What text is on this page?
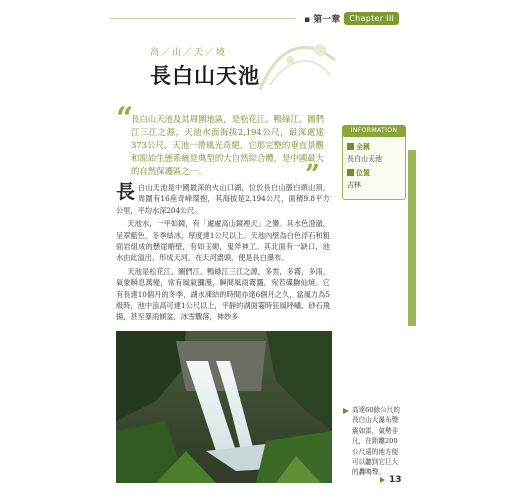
▪ 第一章	Chapter III
高／山／天／境
長白山天池
“
長白山天池及其周圍地區，是松花江、鴨綠江、圖們江三江之源，天池水面海拔2,194公尺，最深處達373公尺，天池一帶風光奇絕，它那完整的垂直景觀和原始生態系統是典型的大自然綜合體，是中國最大的自然保護區之一。	”

長白山天池是中國最深的火山口湖，位於長白山脈白頭山頂，周圍有16座奇峰環抱，其海拔是2,194公尺，面積9.8平方公里，平均水深204公尺。

天池水，一平如鏡，有「處處高山鏡裡天」之譽。其水色澄澈，呈翠藍色，冬季結冰，厚度達1公尺以上。天池內壁為白色浮石和粗面岩組成的懸崖峭壁，有如玉砌，鬼斧神工。其北面有一缺口，池水由此溢出，形成天河，在天河盡頭，便是長白瀑布。

天池是松花江、圖們江、鴨綠江三江之源，多雲，多霧，多雨，氣象瞬息萬變，常有風氣瀰漫，瞬間風雨霧靄，宛若碟齣仙境。它有長達10個月的冬季，湖水凍結的時間亦達6個月之久，當風力為5級時，池中浪高可達1公尺以上，平靜的湖面霎時狂風呼嘯、砂石飛揚，甚至暴雨傾盆，冰雪驟落，神妙多

INFORMATION
全稱
長白山天池
位置
吉林
高達60餘公尺的長白山大瀑布聲震如雷，氣勢非凡，在距離200公尺遠的地方便可以聽到它巨大的轟鳴聲。
13
